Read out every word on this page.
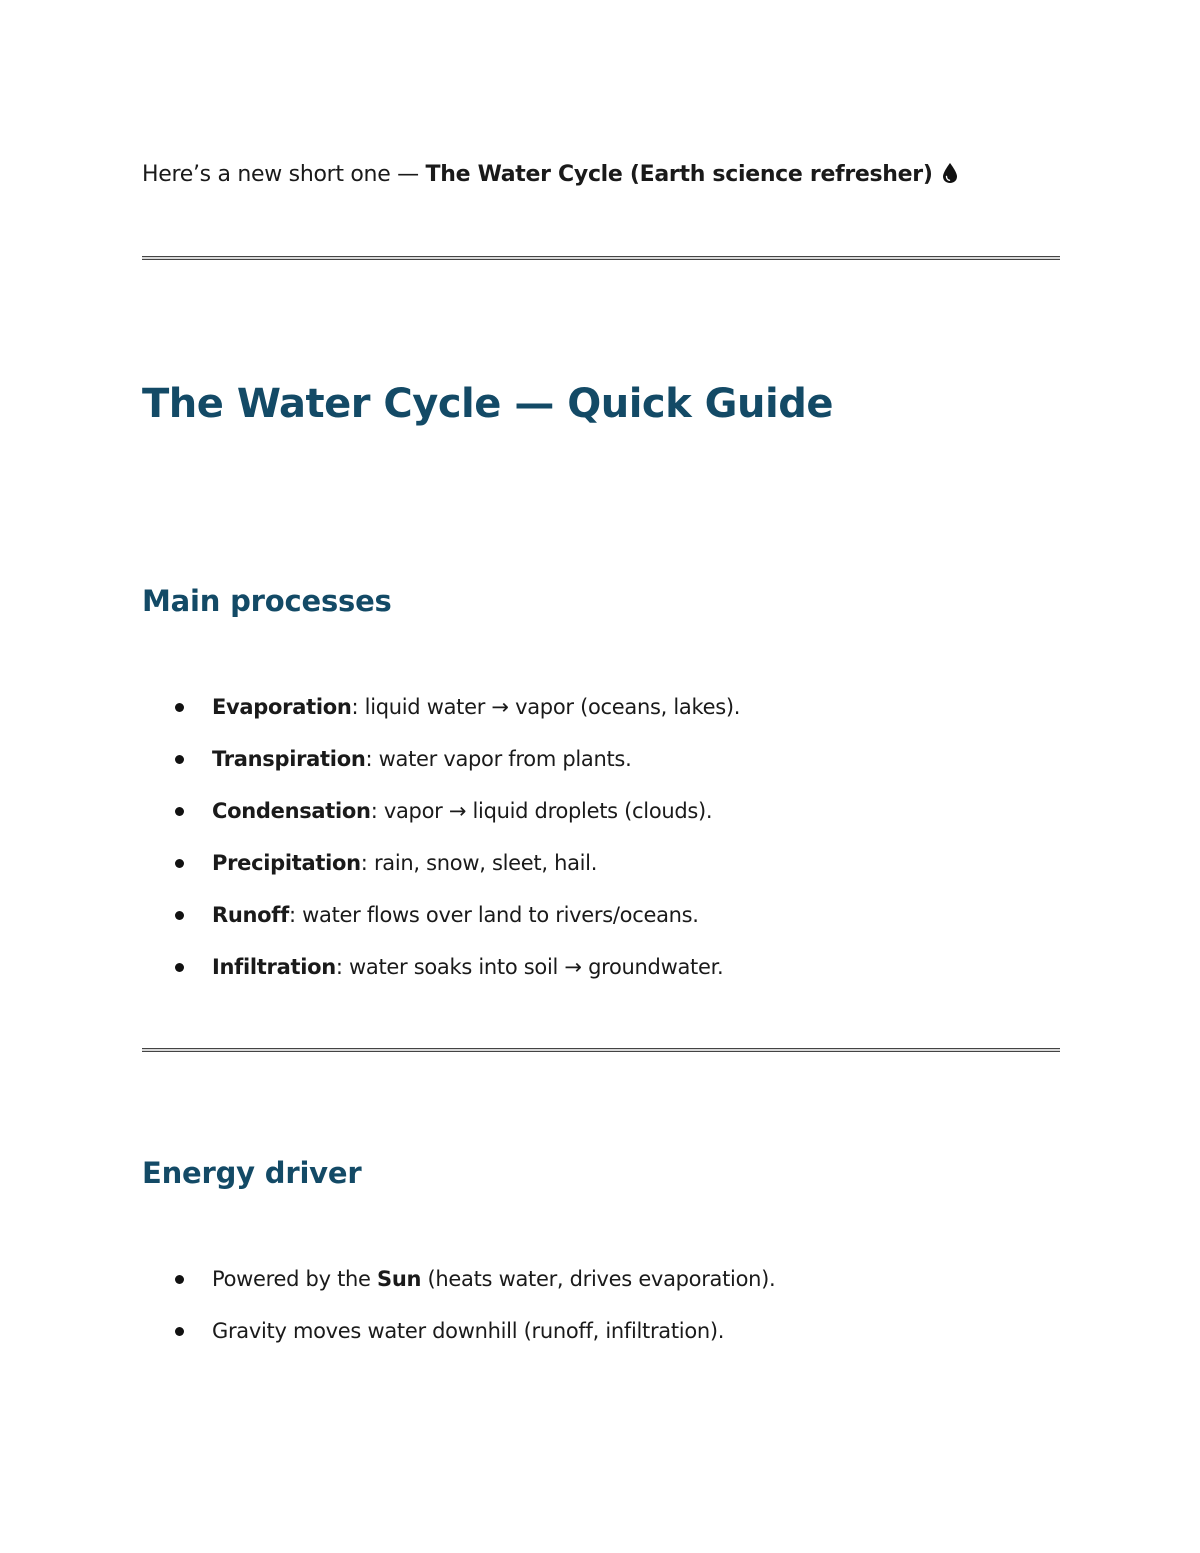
Here’s a new short one — The Water Cycle (Earth science refresher)
The Water Cycle — Quick Guide
Main processes
Evaporation: liquid water → vapor (oceans, lakes).
Transpiration: water vapor from plants.
Condensation: vapor → liquid droplets (clouds).
Precipitation: rain, snow, sleet, hail.
Runoff: water flows over land to rivers/oceans.
Infiltration: water soaks into soil → groundwater.
Energy driver
Powered by the Sun (heats water, drives evaporation).
Gravity moves water downhill (runoff, infiltration).
